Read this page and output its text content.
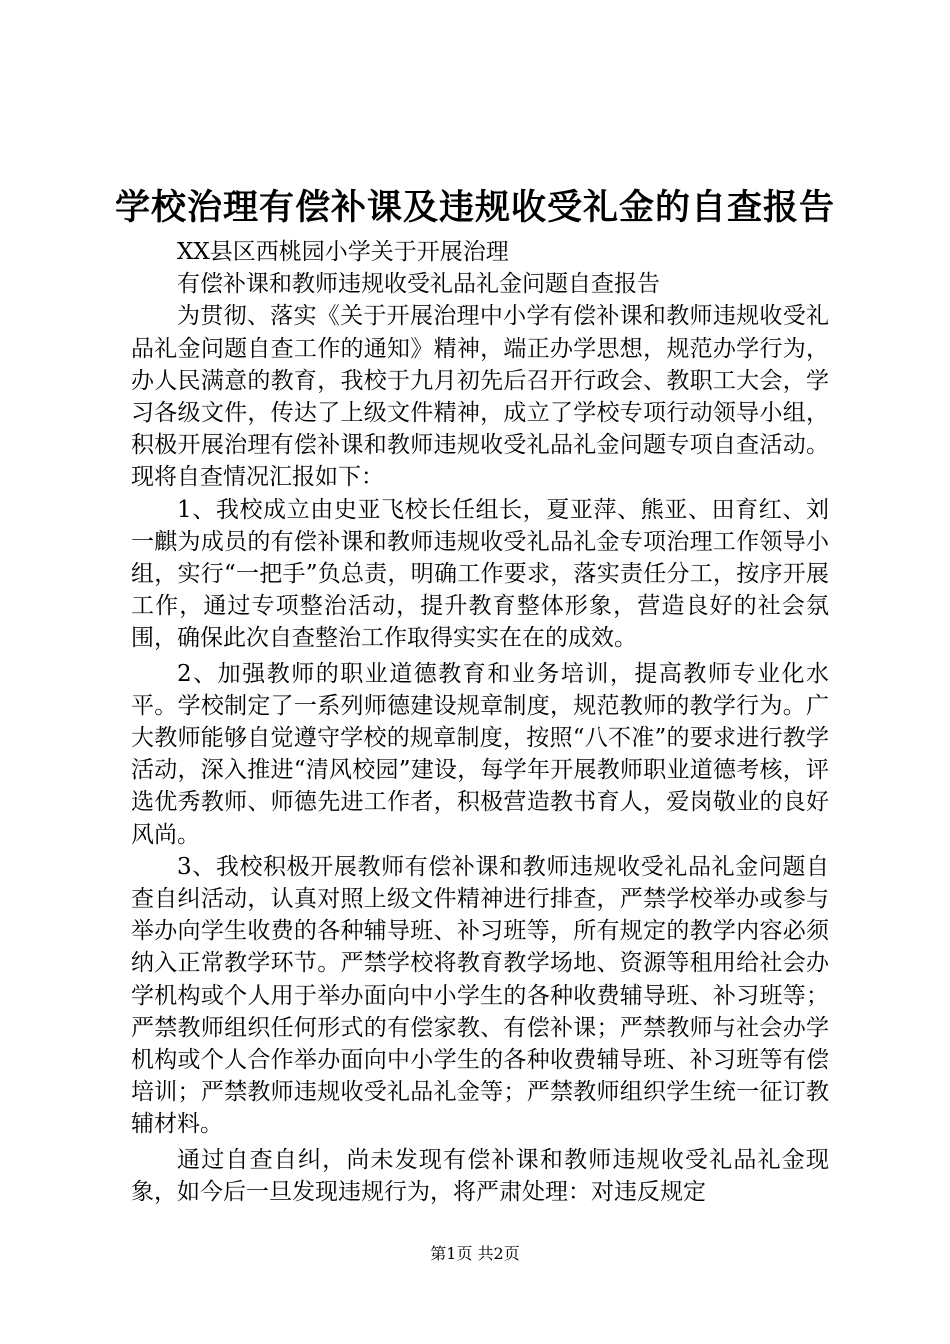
学校治理有偿补课及违规收受礼金的自查报告

XX县区西桃园小学关于开展治理

有偿补课和教师违规收受礼品礼金问题自查报告

为贯彻、落实《关于开展治理中小学有偿补课和教师违规收受礼品礼金问题自查工作的通知》精神，端正办学思想，规范办学行为，办人民满意的教育，我校于九月初先后召开行政会、教职工大会，学习各级文件，传达了上级文件精神，成立了学校专项行动领导小组，积极开展治理有偿补课和教师违规收受礼品礼金问题专项自查活动。现将自查情况汇报如下：

1、我校成立由史亚飞校长任组长，夏亚萍、熊亚、田育红、刘一麒为成员的有偿补课和教师违规收受礼品礼金专项治理工作领导小组，实行“一把手”负总责，明确工作要求，落实责任分工，按序开展工作，通过专项整治活动，提升教育整体形象，营造良好的社会氛围，确保此次自查整治工作取得实实在在的成效。

2、加强教师的职业道德教育和业务培训，提高教师专业化水平。学校制定了一系列师德建设规章制度，规范教师的教学行为。广大教师能够自觉遵守学校的规章制度，按照“八不准”的要求进行教学活动，深入推进“清风校园”建设，每学年开展教师职业道德考核，评选优秀教师、师德先进工作者，积极营造教书育人，爱岗敬业的良好风尚。

3、我校积极开展教师有偿补课和教师违规收受礼品礼金问题自查自纠活动，认真对照上级文件精神进行排查，严禁学校举办或参与举办向学生收费的各种辅导班、补习班等，所有规定的教学内容必须纳入正常教学环节。严禁学校将教育教学场地、资源等租用给社会办学机构或个人用于举办面向中小学生的各种收费辅导班、补习班等；严禁教师组织任何形式的有偿家教、有偿补课；严禁教师与社会办学机构或个人合作举办面向中小学生的各种收费辅导班、补习班等有偿培训；严禁教师违规收受礼品礼金等；严禁教师组织学生统一征订教辅材料。

通过自查自纠，尚未发现有偿补课和教师违规收受礼品礼金现象，如今后一旦发现违规行为，将严肃处理：对违反规定

第1页 共2页
